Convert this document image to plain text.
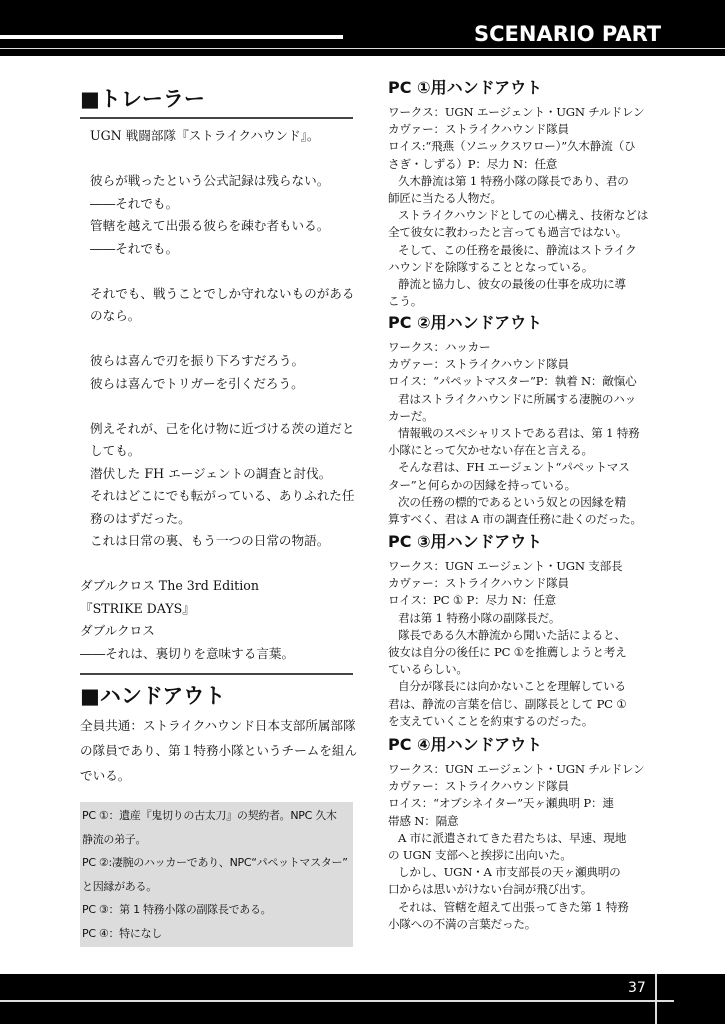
SCENARIO PART
■トレーラー

UGN 戦闘部隊『ストライクハウンド』。

彼らが戦ったという公式記録は残らない。

――それでも。

管轄を越えて出張る彼らを疎む者もいる。

――それでも。

それでも、戦うことでしか守れないものがある

のなら。

彼らは喜んで刃を振り下ろすだろう。

彼らは喜んでトリガーを引くだろう。

例えそれが、己を化け物に近づける茨の道だと

しても。

潜伏した FH エージェントの調査と討伐。

それはどこにでも転がっている、ありふれた任

務のはずだった。

これは日常の裏、もう一つの日常の物語。

ダブルクロス The 3rd Edition

『STRIKE DAYS』

ダブルクロス

――それは、裏切りを意味する言葉。

■ハンドアウト

全員共通：ストライクハウンド日本支部所属部隊

の隊員であり、第１特務小隊というチームを組ん

でいる。

PC ①：遺産『鬼切りの古太刀』の契約者。NPC 久木

静流の弟子。

PC ②:凄腕のハッカーであり、NPC“パペットマスター”

と因縁がある。

PC ③：第 1 特務小隊の副隊長である。

PC ④：特になし

PC ①用ハンドアウト

ワークス：UGN エージェント・UGN チルドレン

カヴァー：ストライクハウンド隊員

ロイス:“飛燕（ソニックスワロー）”久木静流（ひ

さぎ・しずる）P：尽力 N：任意

久木静流は第 1 特務小隊の隊長であり、君の

師匠に当たる人物だ。

ストライクハウンドとしての心構え、技術などは

全て彼女に教わったと言っても過言ではない。

そして、この任務を最後に、静流はストライク

ハウンドを除隊することとなっている。

静流と協力し、彼女の最後の仕事を成功に導

こう。

PC ②用ハンドアウト

ワークス：ハッカー

カヴァー：ストライクハウンド隊員

ロイス：“パペットマスター”P：執着 N：敵愾心

君はストライクハウンドに所属する凄腕のハッ

カーだ。

情報戦のスペシャリストである君は、第 1 特務

小隊にとって欠かせない存在と言える。

そんな君は、FH エージェント“パペットマス

ター”と何らかの因縁を持っている。

次の任務の標的であるという奴との因縁を精

算すべく、君は A 市の調査任務に赴くのだった。

PC ③用ハンドアウト

ワークス：UGN エージェント・UGN 支部長

カヴァー：ストライクハウンド隊員

ロイス：PC ① P：尽力 N：任意

君は第 1 特務小隊の副隊長だ。

隊長である久木静流から聞いた話によると、

彼女は自分の後任に PC ①を推薦しようと考え

ているらしい。

自分が隊長には向かないことを理解している

君は、静流の言葉を信じ、副隊長として PC ①

を支えていくことを約束するのだった。

PC ④用ハンドアウト

ワークス：UGN エージェント・UGN チルドレン

カヴァー：ストライクハウンド隊員

ロイス：“オブシネイター”天ヶ瀬典明 P：連

帯感 N：隔意

A 市に派遣されてきた君たちは、早速、現地

の UGN 支部へと挨拶に出向いた。

しかし、UGN・A 市支部長の天ヶ瀬典明の

口からは思いがけない台詞が飛び出す。

それは、管轄を超えて出張ってきた第 1 特務

小隊への不満の言葉だった。

37
